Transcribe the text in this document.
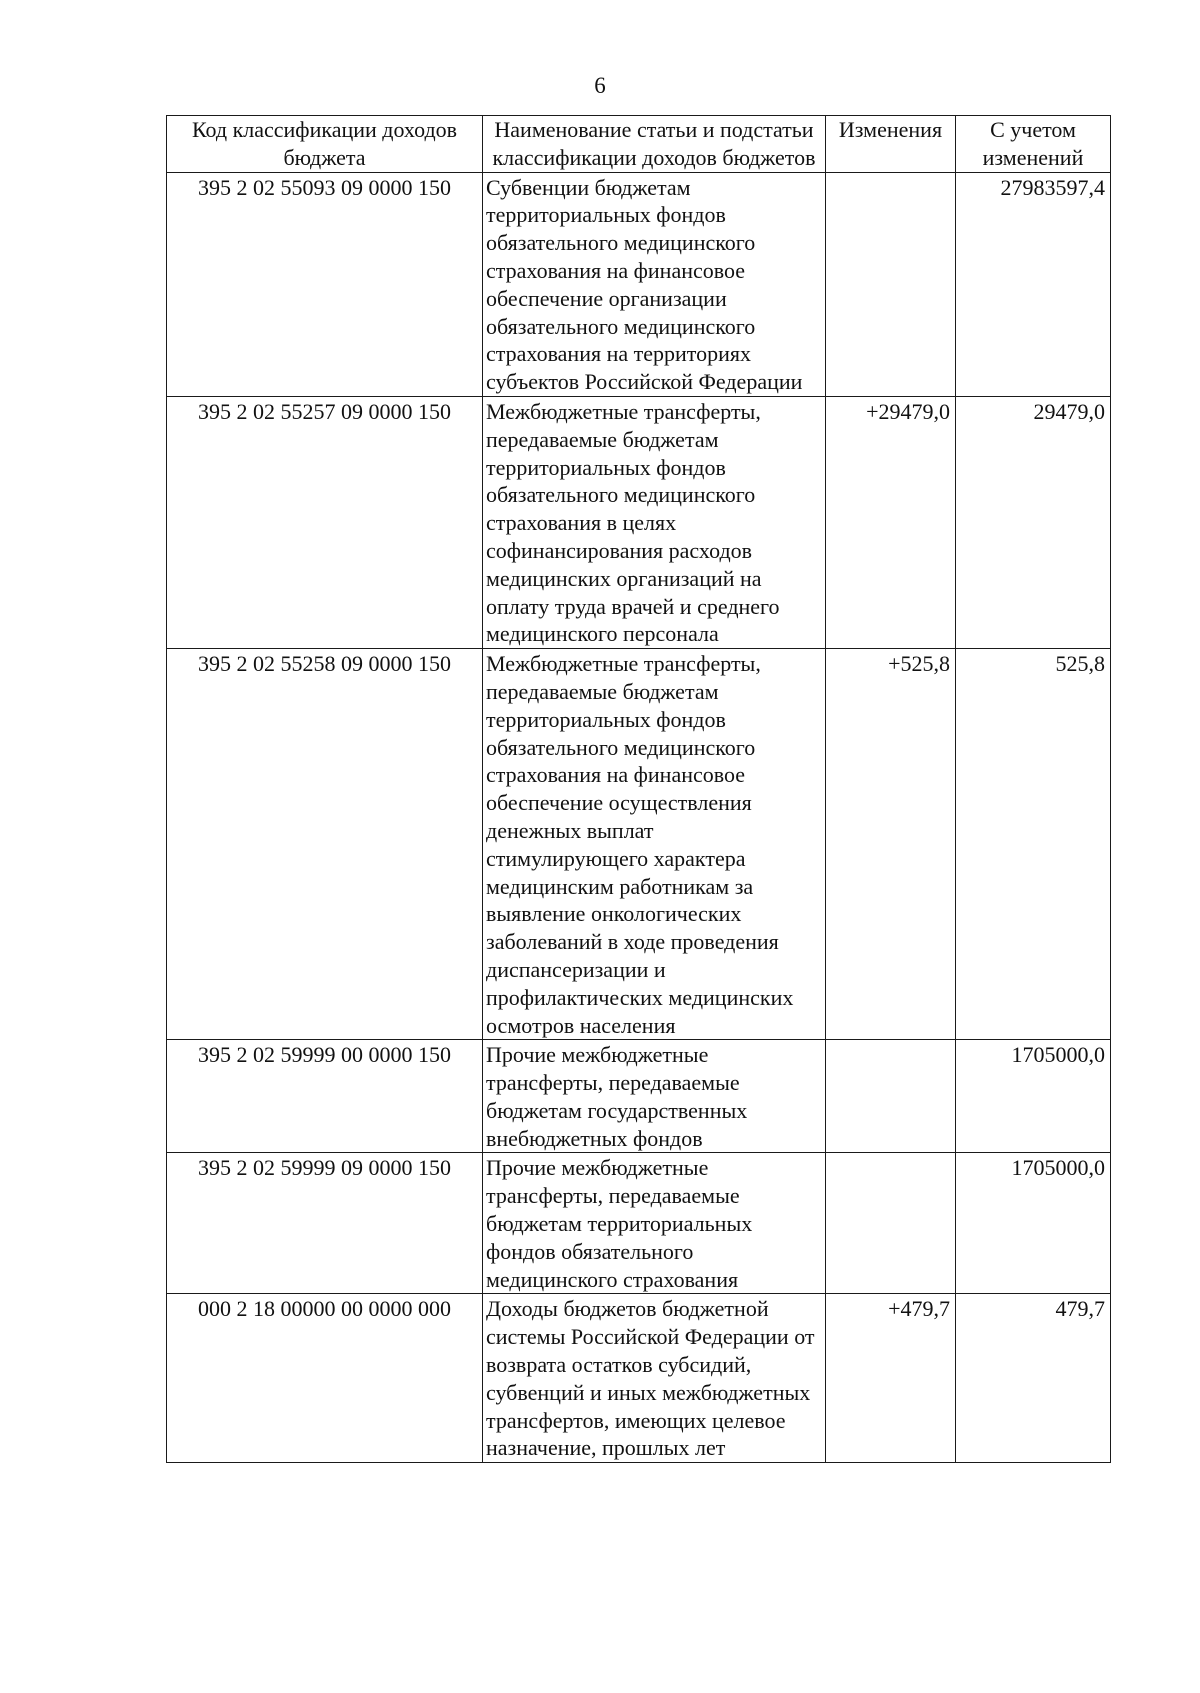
6
Код классификации доходов бюджета	Наименование статьи и подстатьи классификации доходов бюджетов	Изменения	С учетом изменений
395 2 02 55093 09 0000 150	Субвенции бюджетам территориальных фондов обязательного медицинского страхования на финансовое обеспечение организации обязательного медицинского страхования на территориях субъектов Российской Федерации		27983597,4
395 2 02 55257 09 0000 150	Межбюджетные трансферты, передаваемые бюджетам территориальных фондов обязательного медицинского страхования в целях софинансирования расходов медицинских организаций на оплату труда врачей и среднего медицинского персонала	+29479,0	29479,0
395 2 02 55258 09 0000 150	Межбюджетные трансферты, передаваемые бюджетам территориальных фондов обязательного медицинского страхования на финансовое обеспечение осуществления денежных выплат стимулирующего характера медицинским работникам за выявление онкологических заболеваний в ходе проведения диспансеризации и профилактических медицинских осмотров населения	+525,8	525,8
395 2 02 59999 00 0000 150	Прочие межбюджетные трансферты, передаваемые бюджетам государственных внебюджетных фондов		1705000,0
395 2 02 59999 09 0000 150	Прочие межбюджетные трансферты, передаваемые бюджетам территориальных фондов обязательного медицинского страхования		1705000,0
000 2 18 00000 00 0000 000	Доходы бюджетов бюджетной системы Российской Федерации от возврата остатков субсидий, субвенций и иных межбюджетных трансфертов, имеющих целевое назначение, прошлых лет	+479,7	479,7
